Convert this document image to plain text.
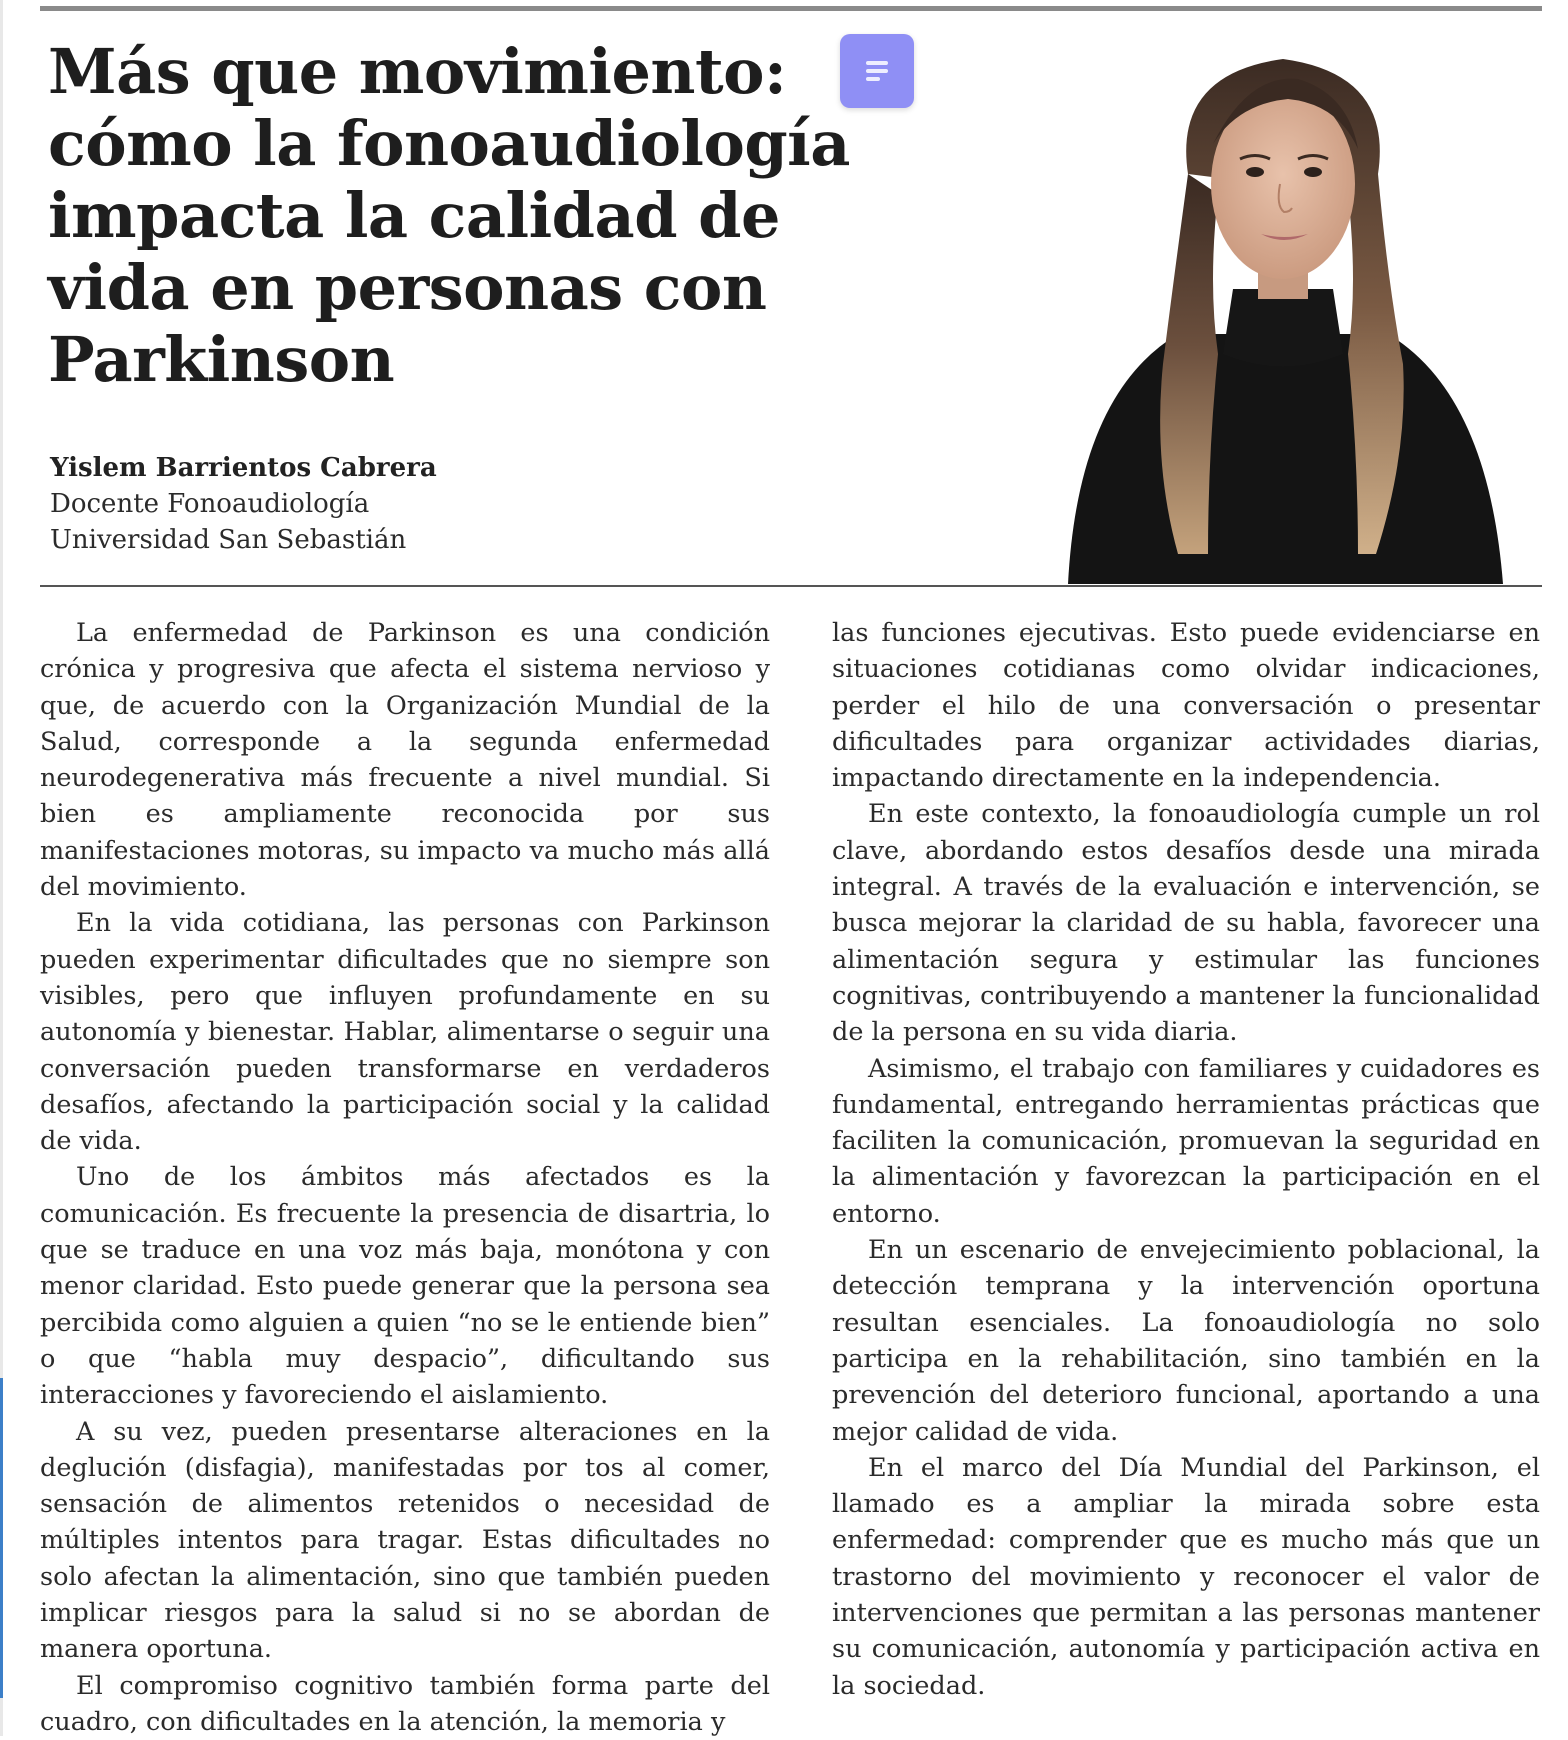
Más que movimiento: cómo la fonoaudiología impacta la calidad de vida en personas con Parkinson
Yislem Barrientos Cabrera
Docente Fonoaudiología
Universidad San Sebastián

La enfermedad de Parkinson es una condición crónica y progresiva que afecta el sistema nervioso y que, de acuerdo con la Organización Mundial de la Salud, corresponde a la segunda enfermedad neurodegenerativa más frecuente a nivel mundial. Si bien es ampliamente reconocida por sus manifestaciones motoras, su impacto va mucho más allá del movimiento.

En la vida cotidiana, las personas con Parkinson pueden experimentar dificultades que no siempre son visibles, pero que influyen profundamente en su autonomía y bienestar. Hablar, alimentarse o seguir una conversación pueden transformarse en verdaderos desafíos, afectando la participación social y la calidad de vida.

Uno de los ámbitos más afectados es la comunicación. Es frecuente la presencia de disartria, lo que se traduce en una voz más baja, monótona y con menor claridad. Esto puede generar que la persona sea percibida como alguien a quien “no se le entiende bien” o que “habla muy despacio”, dificultando sus interacciones y favoreciendo el aislamiento.

A su vez, pueden presentarse alteraciones en la deglución (disfagia), manifestadas por tos al comer, sensación de alimentos retenidos o necesidad de múltiples intentos para tragar. Estas dificultades no solo afectan la alimentación, sino que también pueden implicar riesgos para la salud si no se abordan de manera oportuna.

El compromiso cognitivo también forma parte del cuadro, con dificultades en la atención, la memoria y

las funciones ejecutivas. Esto puede evidenciarse en situaciones cotidianas como olvidar indicaciones, perder el hilo de una conversación o presentar dificultades para organizar actividades diarias, impactando directamente en la independencia.

En este contexto, la fonoaudiología cumple un rol clave, abordando estos desafíos desde una mirada integral. A través de la evaluación e intervención, se busca mejorar la claridad de su habla, favorecer una alimentación segura y estimular las funciones cognitivas, contribuyendo a mantener la funcionalidad de la persona en su vida diaria.

Asimismo, el trabajo con familiares y cuidadores es fundamental, entregando herramientas prácticas que faciliten la comunicación, promuevan la seguridad en la alimentación y favorezcan la participación en el entorno.

En un escenario de envejecimiento poblacional, la detección temprana y la intervención oportuna resultan esenciales. La fonoaudiología no solo participa en la rehabilitación, sino también en la prevención del deterioro funcional, aportando a una mejor calidad de vida.

En el marco del Día Mundial del Parkinson, el llamado es a ampliar la mirada sobre esta enfermedad: comprender que es mucho más que un trastorno del movimiento y reconocer el valor de intervenciones que permitan a las personas mantener su comunicación, autonomía y participación activa en la sociedad.
